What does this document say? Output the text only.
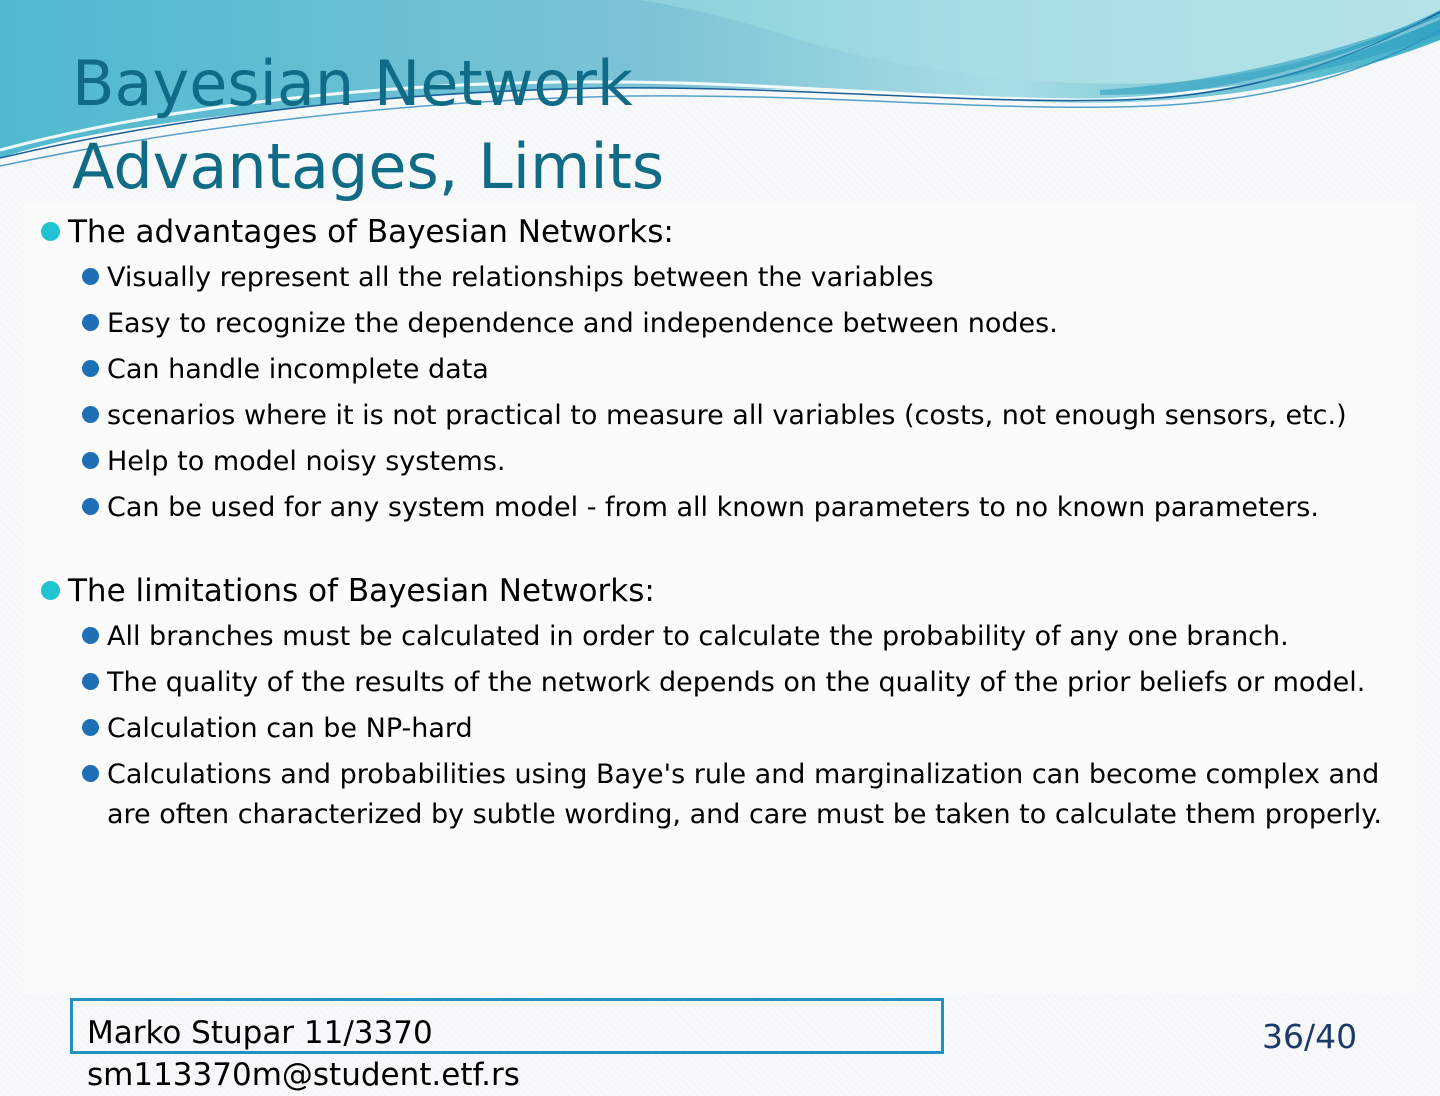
Bayesian Network
Advantages, Limits
The advantages of Bayesian Networks:
Visually represent all the relationships between the variables
Easy to recognize the dependence and independence between nodes.
Can handle incomplete data
scenarios where it is not practical to measure all variables (costs, not enough sensors, etc.)
Help to model noisy systems.
Can be used for any system model - from all known parameters to no known parameters.
The limitations of Bayesian Networks:
All branches must be calculated in order to calculate the probability of any one branch.
The quality of the results of the network depends on the quality of the prior beliefs or model.
Calculation can be NP-hard
Calculations and probabilities using Baye's rule and marginalization can become complex and are often characterized by subtle wording, and care must be taken to calculate them properly.
Marko Stupar 11/3370
sm113370m@student.etf.rs
36/40
